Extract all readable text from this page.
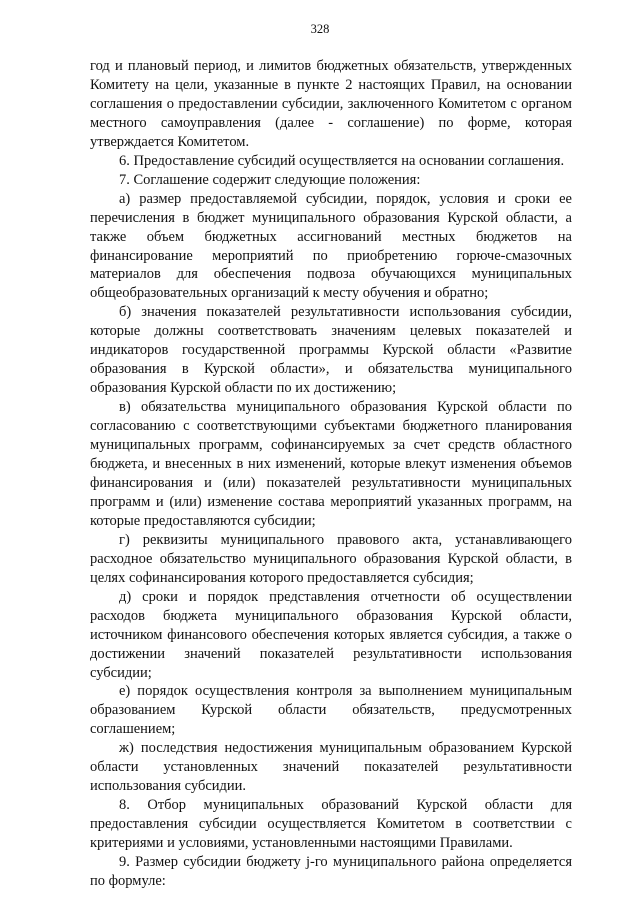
328

год и плановый период, и лимитов бюджетных обязательств, утвержденных Комитету на цели, указанные в пункте 2 настоящих Правил, на основании соглашения о предоставлении субсидии, заключенного Комитетом с органом местного самоуправления (далее - соглашение) по форме, которая утверждается Комитетом.

6. Предоставление субсидий осуществляется на основании соглашения.

7. Соглашение содержит следующие положения:

а) размер предоставляемой субсидии, порядок, условия и сроки ее перечисления в бюджет муниципального образования Курской области, а также объем бюджетных ассигнований местных бюджетов на финансирование мероприятий по приобретению горюче-смазочных материалов для обеспечения подвоза обучающихся муниципальных общеобразовательных организаций к месту обучения и обратно;

б) значения показателей результативности использования субсидии, которые должны соответствовать значениям целевых показателей и индикаторов государственной программы Курской области «Развитие образования в Курской области», и обязательства муниципального образования Курской области по их достижению;

в) обязательства муниципального образования Курской области по согласованию с соответствующими субъектами бюджетного планирования муниципальных программ, софинансируемых за счет средств областного бюджета, и внесенных в них изменений, которые влекут изменения объемов финансирования и (или) показателей результативности муниципальных программ и (или) изменение состава мероприятий указанных программ, на которые предоставляются субсидии;

г) реквизиты муниципального правового акта, устанавливающего расходное обязательство муниципального образования Курской области, в целях софинансирования которого предоставляется субсидия;

д) сроки и порядок представления отчетности об осуществлении расходов бюджета муниципального образования Курской области, источником финансового обеспечения которых является субсидия, а также о достижении значений показателей результативности использования субсидии;

е) порядок осуществления контроля за выполнением муниципальным образованием Курской области обязательств, предусмотренных соглашением;

ж) последствия недостижения муниципальным образованием Курской области установленных значений показателей результативности использования субсидии.

8. Отбор муниципальных образований Курской области для предоставления субсидии осуществляется Комитетом в соответствии с критериями и условиями, установленными настоящими Правилами.

9. Размер субсидии бюджету j-го муниципального района определяется по формуле:
